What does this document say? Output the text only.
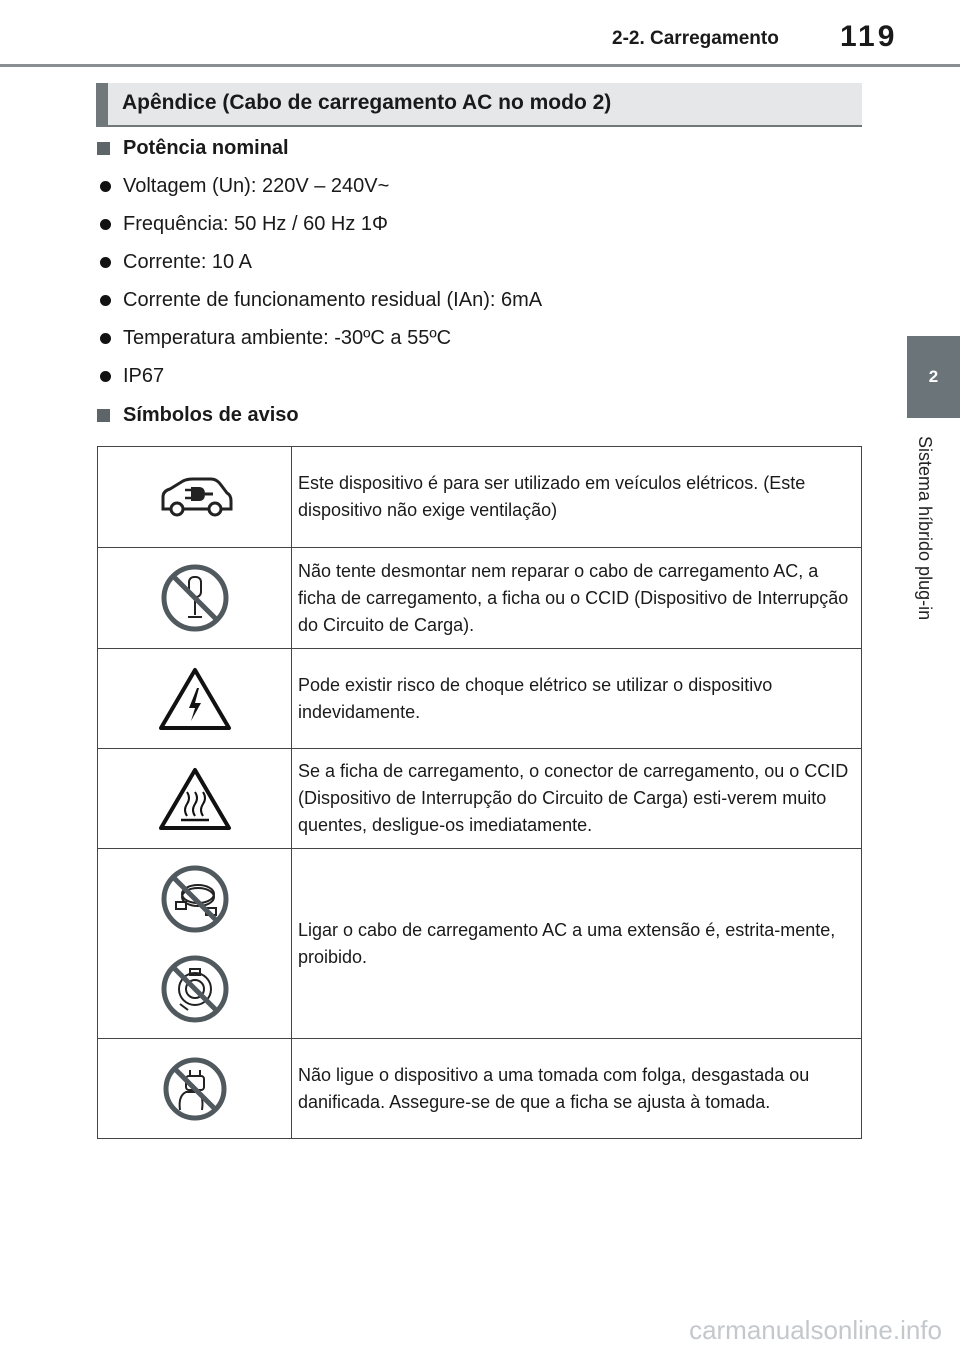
2-2. Carregamento 119
2
Sistema híbrido plug-in
Apêndice (Cabo de carregamento AC no modo 2)
Potência nominal
Voltagem (Un): 220V – 240V~
Frequência: 50 Hz / 60 Hz 1Φ
Corrente: 10 A
Corrente de funcionamento residual (IAn): 6mA
Temperatura ambiente: -30ºC a 55ºC
IP67
Símbolos de aviso
	Este dispositivo é para ser utilizado em veículos elétricos. (Este dispositivo não exige ventilação)

	Não tente desmontar nem reparar o cabo de carregamento AC, a ficha de carregamento, a ficha ou o CCID (Dispositivo de Interrupção do Circuito de Carga).

	Pode existir risco de choque elétrico se utilizar o dispositivo indevidamente.

	Se a ficha de carregamento, o conector de carregamento, ou o CCID (Dispositivo de Interrupção do Circuito de Carga) esti-verem muito quentes, desligue-os imediatamente.

	Ligar o cabo de carregamento AC a uma extensão é, estrita-mente, proibido.

	Não ligue o dispositivo a uma tomada com folga, desgastada ou danificada. Assegure-se de que a ficha se ajusta à tomada.
carmanualsonline.info
